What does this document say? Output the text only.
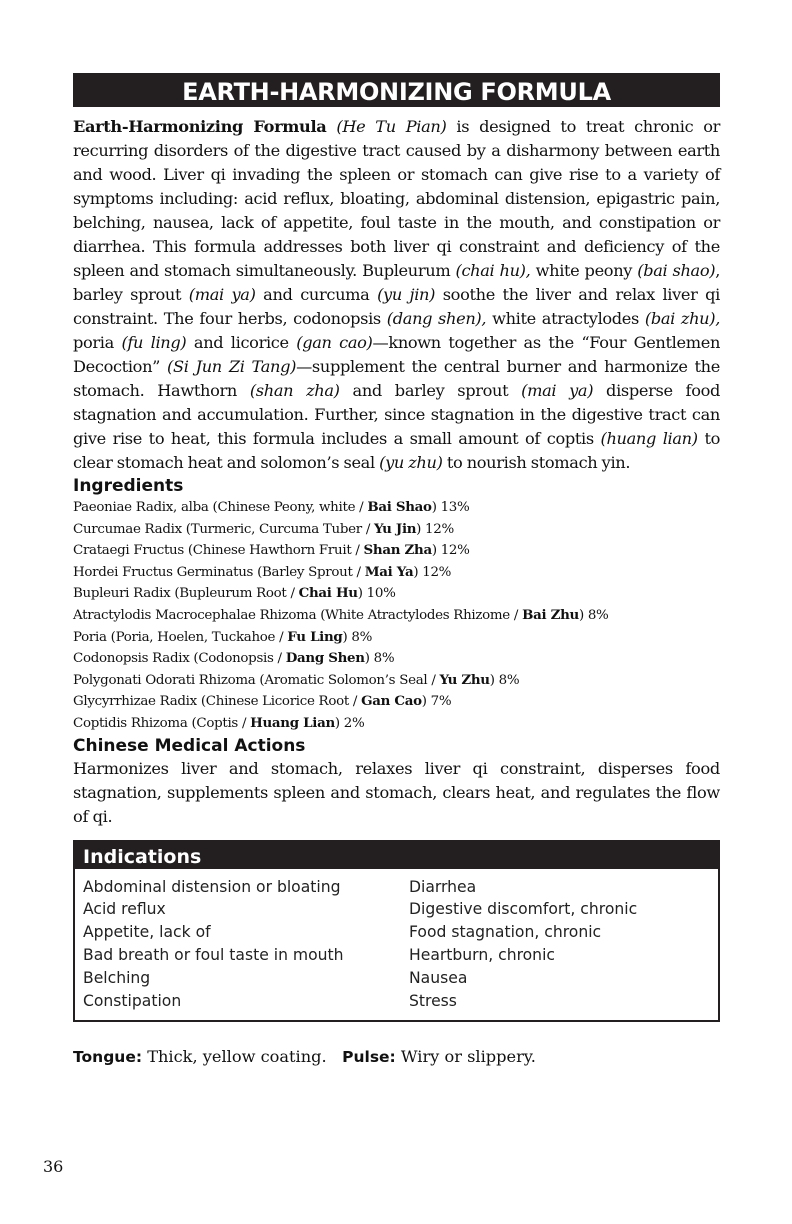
EARTH-HARMONIZING FORMULA

Earth-Harmonizing Formula (He Tu Pian) is designed to treat chronic or recurring disorders of the digestive tract caused by a disharmony between earth and wood. Liver qi invading the spleen or stomach can give rise to a variety of symptoms including: acid reflux, bloating, abdominal distension, epigastric pain, belching, nausea, lack of appetite, foul taste in the mouth, and constipation or diarrhea. This formula addresses both liver qi constraint and deficiency of the spleen and stomach simultaneously. Bupleurum (chai hu), white peony (bai shao), barley sprout (mai ya) and curcuma (yu jin) soothe the liver and relax liver qi constraint. The four herbs, codonopsis (dang shen), white atractylodes (bai zhu), poria (fu ling) and licorice (gan cao)—known together as the “Four Gentlemen Decoction” (Si Jun Zi Tang)—supplement the central burner and harmonize the stomach. Hawthorn (shan zha) and barley sprout (mai ya) disperse food stagnation and accumulation. Further, since stagnation in the digestive tract can give rise to heat, this formula includes a small amount of coptis (huang lian) to clear stomach heat and solomon’s seal (yu zhu) to nourish stomach yin.

Ingredients
Paeoniae Radix, alba (Chinese Peony, white / Bai Shao) 13%
Curcumae Radix (Turmeric, Curcuma Tuber / Yu Jin) 12%
Crataegi Fructus (Chinese Hawthorn Fruit / Shan Zha) 12%
Hordei Fructus Germinatus (Barley Sprout / Mai Ya) 12%
Bupleuri Radix (Bupleurum Root / Chai Hu) 10%
Atractylodis Macrocephalae Rhizoma (White Atractylodes Rhizome / Bai Zhu) 8%
Poria (Poria, Hoelen, Tuckahoe / Fu Ling) 8%
Codonopsis Radix (Codonopsis / Dang Shen) 8%
Polygonati Odorati Rhizoma (Aromatic Solomon’s Seal / Yu Zhu) 8%
Glycyrrhizae Radix (Chinese Licorice Root / Gan Cao) 7%
Coptidis Rhizoma (Coptis / Huang Lian) 2%
Chinese Medical Actions
Harmonizes liver and stomach, relaxes liver qi constraint, disperses food stagnation, supplements spleen and stomach, clears heat, and regulates the flow of qi.
Indications
Abdominal distension or bloating
Acid reflux
Appetite, lack of
Bad breath or foul taste in mouth
Belching
Constipation
Diarrhea
Digestive discomfort, chronic
Food stagnation, chronic
Heartburn, chronic
Nausea
Stress
Tongue: Thick, yellow coating. Pulse: Wiry or slippery.
36
